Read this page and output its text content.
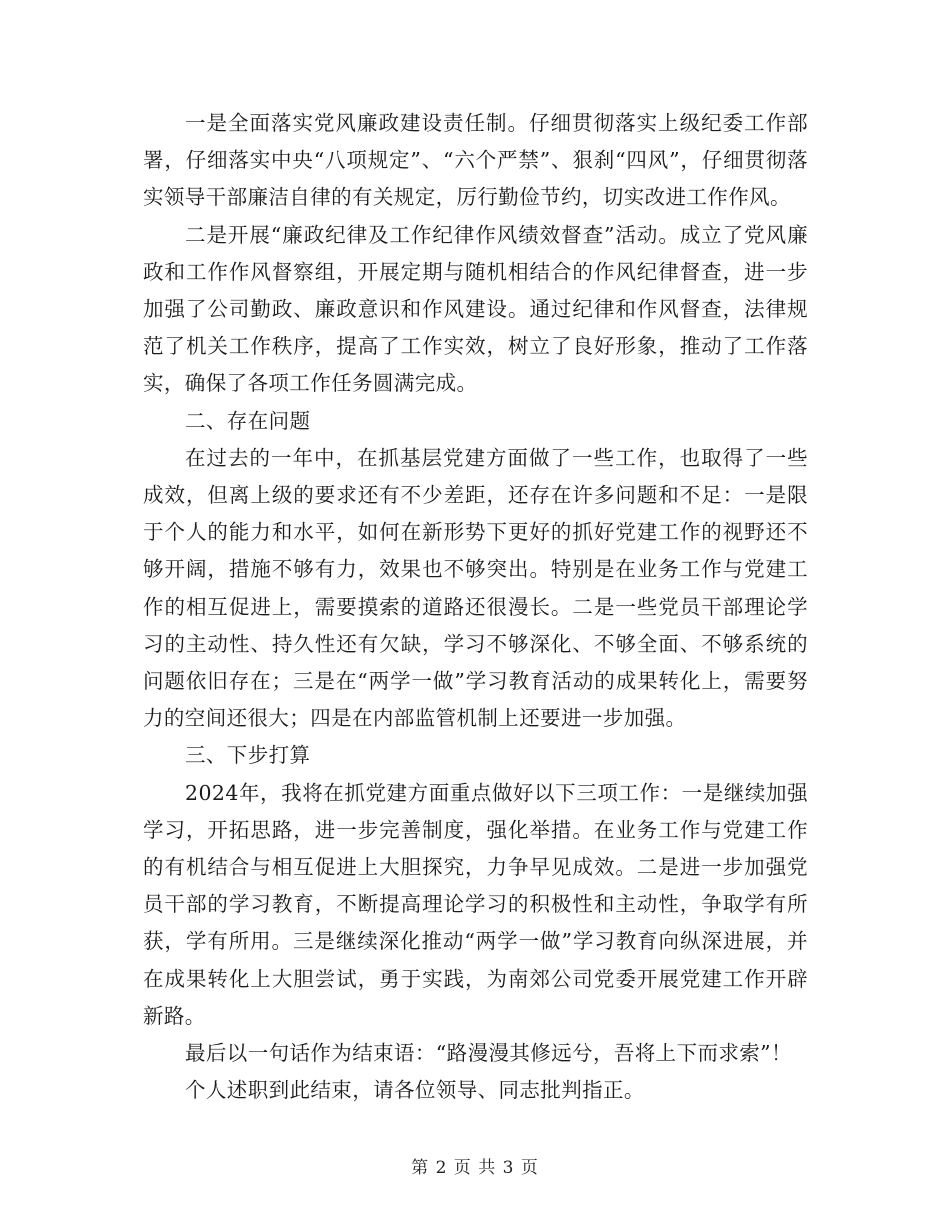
一是全面落实党风廉政建设责任制。仔细贯彻落实上级纪委工作部署，仔细落实中央“八项规定”、“六个严禁”、狠刹“四风”，仔细贯彻落实领导干部廉洁自律的有关规定，厉行勤俭节约，切实改进工作作风。

二是开展“廉政纪律及工作纪律作风绩效督查”活动。成立了党风廉政和工作作风督察组，开展定期与随机相结合的作风纪律督查，进一步加强了公司勤政、廉政意识和作风建设。通过纪律和作风督查，法律规范了机关工作秩序，提高了工作实效，树立了良好形象，推动了工作落实，确保了各项工作任务圆满完成。

二、存在问题

在过去的一年中，在抓基层党建方面做了一些工作，也取得了一些成效，但离上级的要求还有不少差距，还存在许多问题和不足：一是限于个人的能力和水平，如何在新形势下更好的抓好党建工作的视野还不够开阔，措施不够有力，效果也不够突出。特别是在业务工作与党建工作的相互促进上，需要摸索的道路还很漫长。二是一些党员干部理论学习的主动性、持久性还有欠缺，学习不够深化、不够全面、不够系统的问题依旧存在；三是在“两学一做”学习教育活动的成果转化上，需要努力的空间还很大；四是在内部监管机制上还要进一步加强。

三、下步打算

2024年，我将在抓党建方面重点做好以下三项工作：一是继续加强学习，开拓思路，进一步完善制度，强化举措。在业务工作与党建工作的有机结合与相互促进上大胆探究，力争早见成效。二是进一步加强党员干部的学习教育，不断提高理论学习的积极性和主动性，争取学有所获，学有所用。三是继续深化推动“两学一做”学习教育向纵深进展，并在成果转化上大胆尝试，勇于实践，为南郊公司党委开展党建工作开辟新路。

最后以一句话作为结束语：“路漫漫其修远兮，吾将上下而求索”！

个人述职到此结束，请各位领导、同志批判指正。

第 2 页 共 3 页
